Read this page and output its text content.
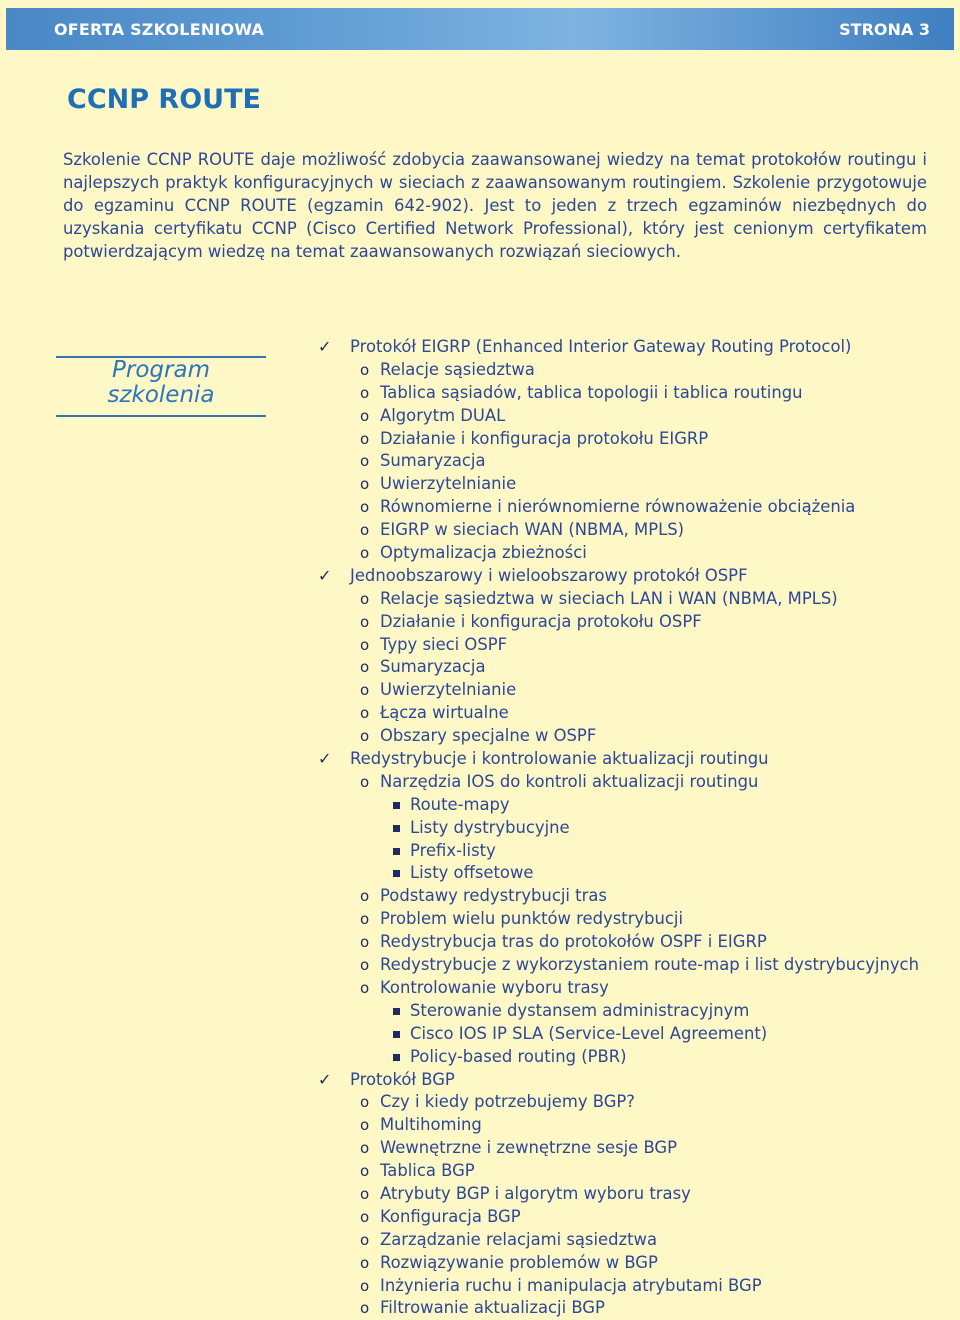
OFERTA SZKOLENIOWA	STRONA 3
CCNP ROUTE

Szkolenie CCNP ROUTE daje możliwość zdobycia zaawansowanej wiedzy na temat protokołów routingu i najlepszych praktyk konfiguracyjnych w sieciach z zaawansowanym routingiem. Szkolenie przygotowuje do egzaminu CCNP ROUTE (egzamin 642-902). Jest to jeden z trzech egzaminów niezbędnych do uzyskania certyfikatu CCNP (Cisco Certified Network Professional), który jest cenionym certyfikatem potwierdzającym wiedzę na temat zaawansowanych rozwiązań sieciowych.

Program
szkolenia
✓ Protokół EIGRP (Enhanced Interior Gateway Routing Protocol)
o Relacje sąsiedztwa
o Tablica sąsiadów, tablica topologii i tablica routingu
o Algorytm DUAL
o Działanie i konfiguracja protokołu EIGRP
o Sumaryzacja
o Uwierzytelnianie
o Równomierne i nierównomierne równoważenie obciążenia
o EIGRP w sieciach WAN (NBMA, MPLS)
o Optymalizacja zbieżności
✓ Jednoobszarowy i wieloobszarowy protokół OSPF
o Relacje sąsiedztwa w sieciach LAN i WAN (NBMA, MPLS)
o Działanie i konfiguracja protokołu OSPF
o Typy sieci OSPF
o Sumaryzacja
o Uwierzytelnianie
o Łącza wirtualne
o Obszary specjalne w OSPF
✓ Redystrybucje i kontrolowanie aktualizacji routingu
o Narzędzia IOS do kontroli aktualizacji routingu
Route-mapy
Listy dystrybucyjne
Prefix-listy
Listy offsetowe
o Podstawy redystrybucji tras
o Problem wielu punktów redystrybucji
o Redystrybucja tras do protokołów OSPF i EIGRP
o Redystrybucje z wykorzystaniem route-map i list dystrybucyjnych
o Kontrolowanie wyboru trasy
Sterowanie dystansem administracyjnym
Cisco IOS IP SLA (Service-Level Agreement)
Policy-based routing (PBR)
✓ Protokół BGP
o Czy i kiedy potrzebujemy BGP?
o Multihoming
o Wewnętrzne i zewnętrzne sesje BGP
o Tablica BGP
o Atrybuty BGP i algorytm wyboru trasy
o Konfiguracja BGP
o Zarządzanie relacjami sąsiedztwa
o Rozwiązywanie problemów w BGP
o Inżynieria ruchu i manipulacja atrybutami BGP
o Filtrowanie aktualizacji BGP
